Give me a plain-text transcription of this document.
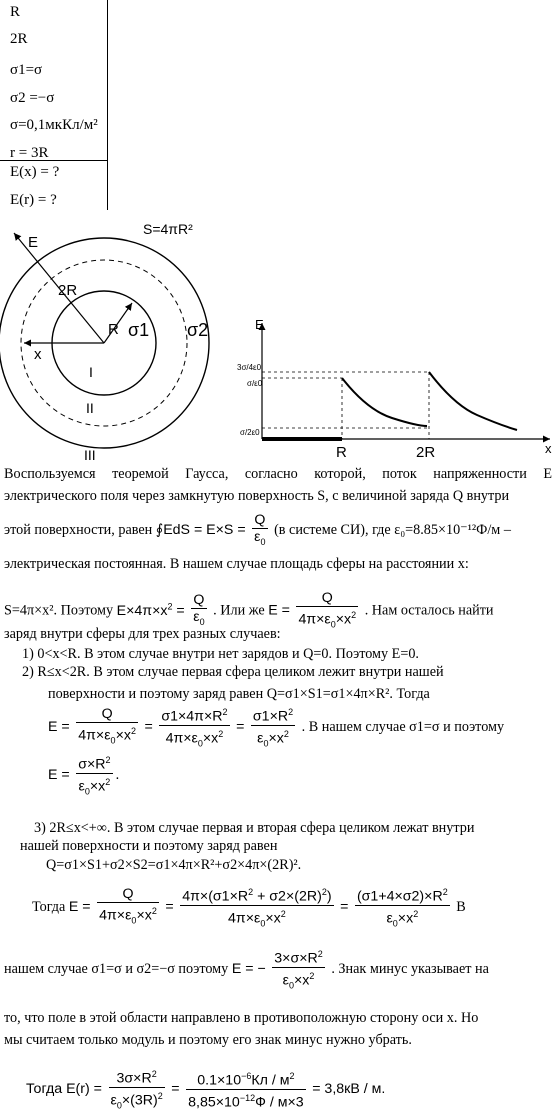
R
2R
σ1=σ
σ2 =−σ
σ=0,1мкКл/м²
r = 3R
E(x) = ?
E(r) = ?
E
2R
R
x
σ1 σ2
I
II
III
S=4πR²
E
x
3σ/4ε0
σ/ε0
σ/2ε0
R	2R
Воспользуемся теоремой Гаусса, согласно которой, поток напряженности E электрического поля через замкнутую поверхность S, с величиной заряда Q внутри
этой поверхности, равен ∮EdS = $E\times S = \frac{Q}{\varepsilon_0} (в$ системе СИ), где ε₀=8.85×10⁻¹²Ф/м –
электрическая постоянная. В нашем случае площадь сферы на расстоянии x:
S=4π×x². Поэтому $E\times 4\pi\times x^2 = \frac{Q}{\varepsilon_0}$ . Или же $E = \frac{Q}{4\pi\times\varepsilon_0\times x^2}$ . Нам осталось найти
заряд внутри сферы для трех разных случаев:
1) 0<x<R. В этом случае внутри нет зарядов и Q=0. Поэтому E=0.
2) R≤x<2R. В этом случае первая сфера целиком лежит внутри нашей
поверхности и поэтому заряд равен Q=σ1×S1=σ1×4π×R². Тогда
$E = \frac{Q}{4\pi\times\varepsilon_0\times x^2} = \frac{\sigma 1\times 4\pi\times R^2}{4\pi\times\varepsilon_0\times x^2} = \frac{\sigma 1\times R^2}{\varepsilon_0\times x^2}$ . В нашем случае σ1=σ и поэтому
$E = \frac{\sigma\times R^2}{\varepsilon_0\times x^2}$ .
3) 2R≤x<+∞. В этом случае первая и вторая сфера целиком лежат внутри
нашей поверхности и поэтому заряд равен
Q=σ1×S1+σ2×S2=σ1×4π×R²+σ2×4π×(2R)².
Тогда $E = \frac{Q}{4\pi\times\varepsilon_0\times x^2} = \frac{4\pi\times(\sigma 1\times R^2 + \sigma 2\times(2R)^2)}{4\pi\times\varepsilon_0\times x^2} = \frac{(\sigma 1+4\times\sigma 2)\times R^2}{\varepsilon_0\times x^2}$ В
нашем случае σ1=σ и σ2=−σ поэтому E = − $\frac{3\times\sigma\times R^2}{\varepsilon_0\times x^2}$ . Знак минус указывает на
то, что поле в этой области направлено в противоположную сторону оси x. Но
мы считаем только модуль и поэтому его знак минус нужно убрать.
Тогда $E(r) = \frac{3\sigma\times R^2}{\varepsilon_0\times(3R)^2} = \frac{0.1\times 10^{-6}Кл / м^2}{8,85\times 10^{-12}Ф / м\times 3} = 3,8кВ / м$.
